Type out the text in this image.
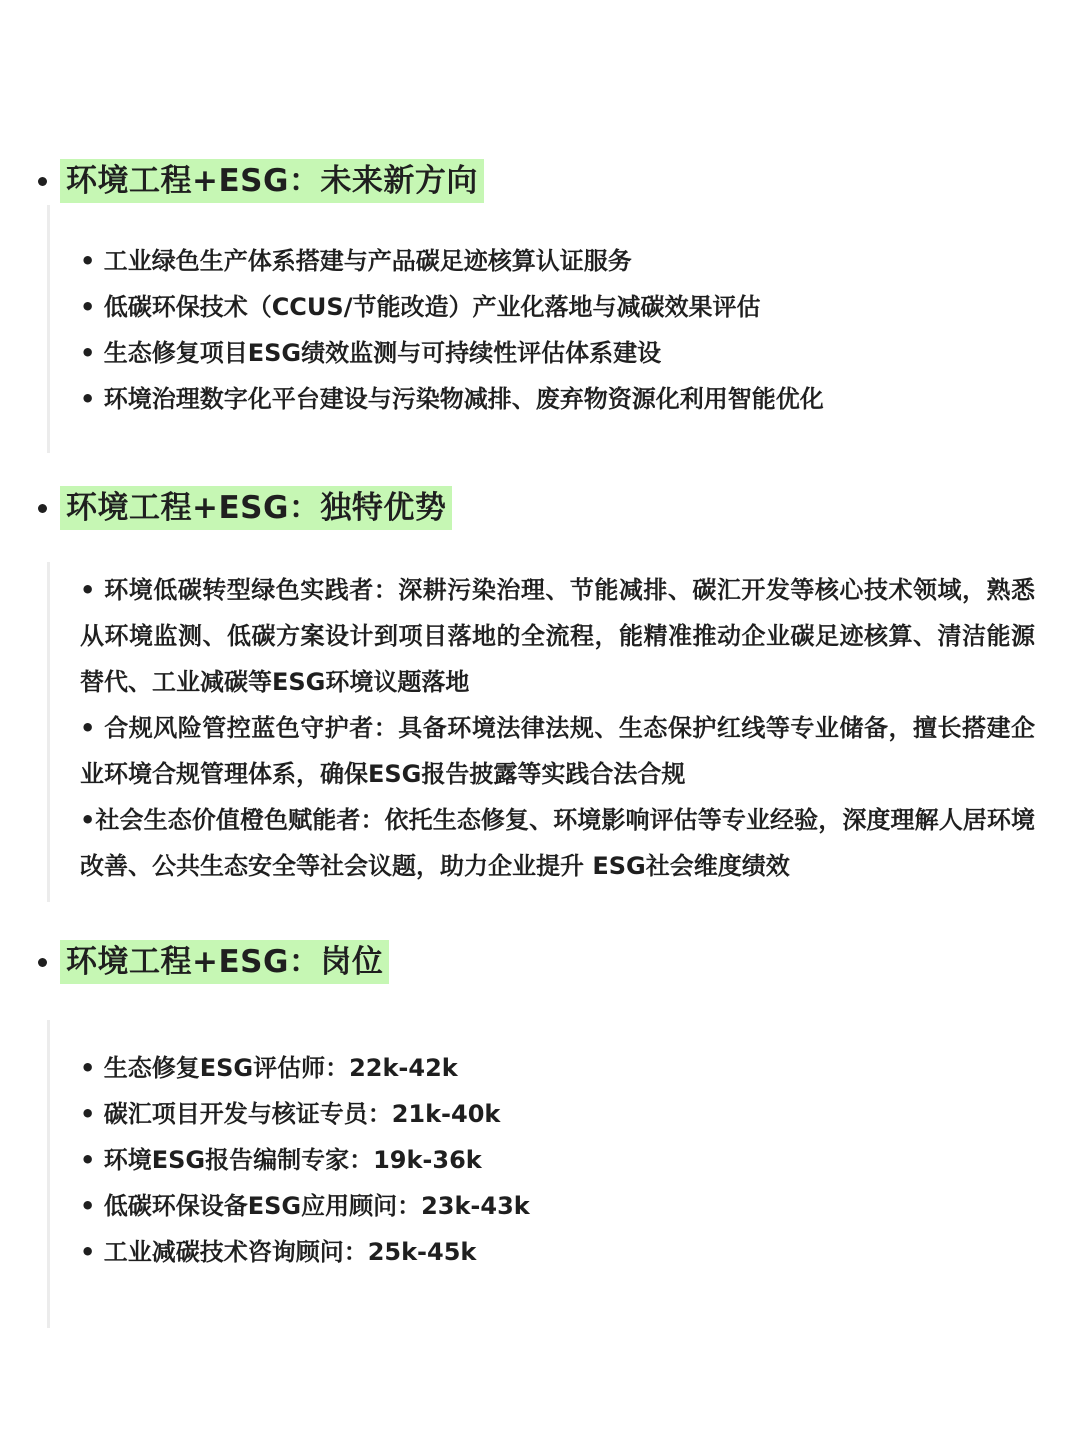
环境工程+ESG：未来新方向
• 工业绿色生产体系搭建与产品碳足迹核算认证服务
• 低碳环保技术（CCUS/节能改造）产业化落地与减碳效果评估
• 生态修复项目ESG绩效监测与可持续性评估体系建设
• 环境治理数字化平台建设与污染物减排、废弃物资源化利用智能优化
环境工程+ESG：独特优势
• 环境低碳转型绿色实践者：深耕污染治理、节能减排、碳汇开发等核心技术领域，熟悉从环境监测、低碳方案设计到项目落地的全流程，能精准推动企业碳足迹核算、清洁能源替代、工业减碳等ESG环境议题落地
• 合规风险管控蓝色守护者：具备环境法律法规、生态保护红线等专业储备，擅长搭建企业环境合规管理体系，确保ESG报告披露等实践合法合规
•社会生态价值橙色赋能者：依托生态修复、环境影响评估等专业经验，深度理解人居环境改善、公共生态安全等社会议题，助力企业提升 ESG社会维度绩效
环境工程+ESG：岗位
• 生态修复ESG评估师：22k-42k
• 碳汇项目开发与核证专员：21k-40k
• 环境ESG报告编制专家：19k-36k
• 低碳环保设备ESG应用顾问：23k-43k
• 工业减碳技术咨询顾问：25k-45k
